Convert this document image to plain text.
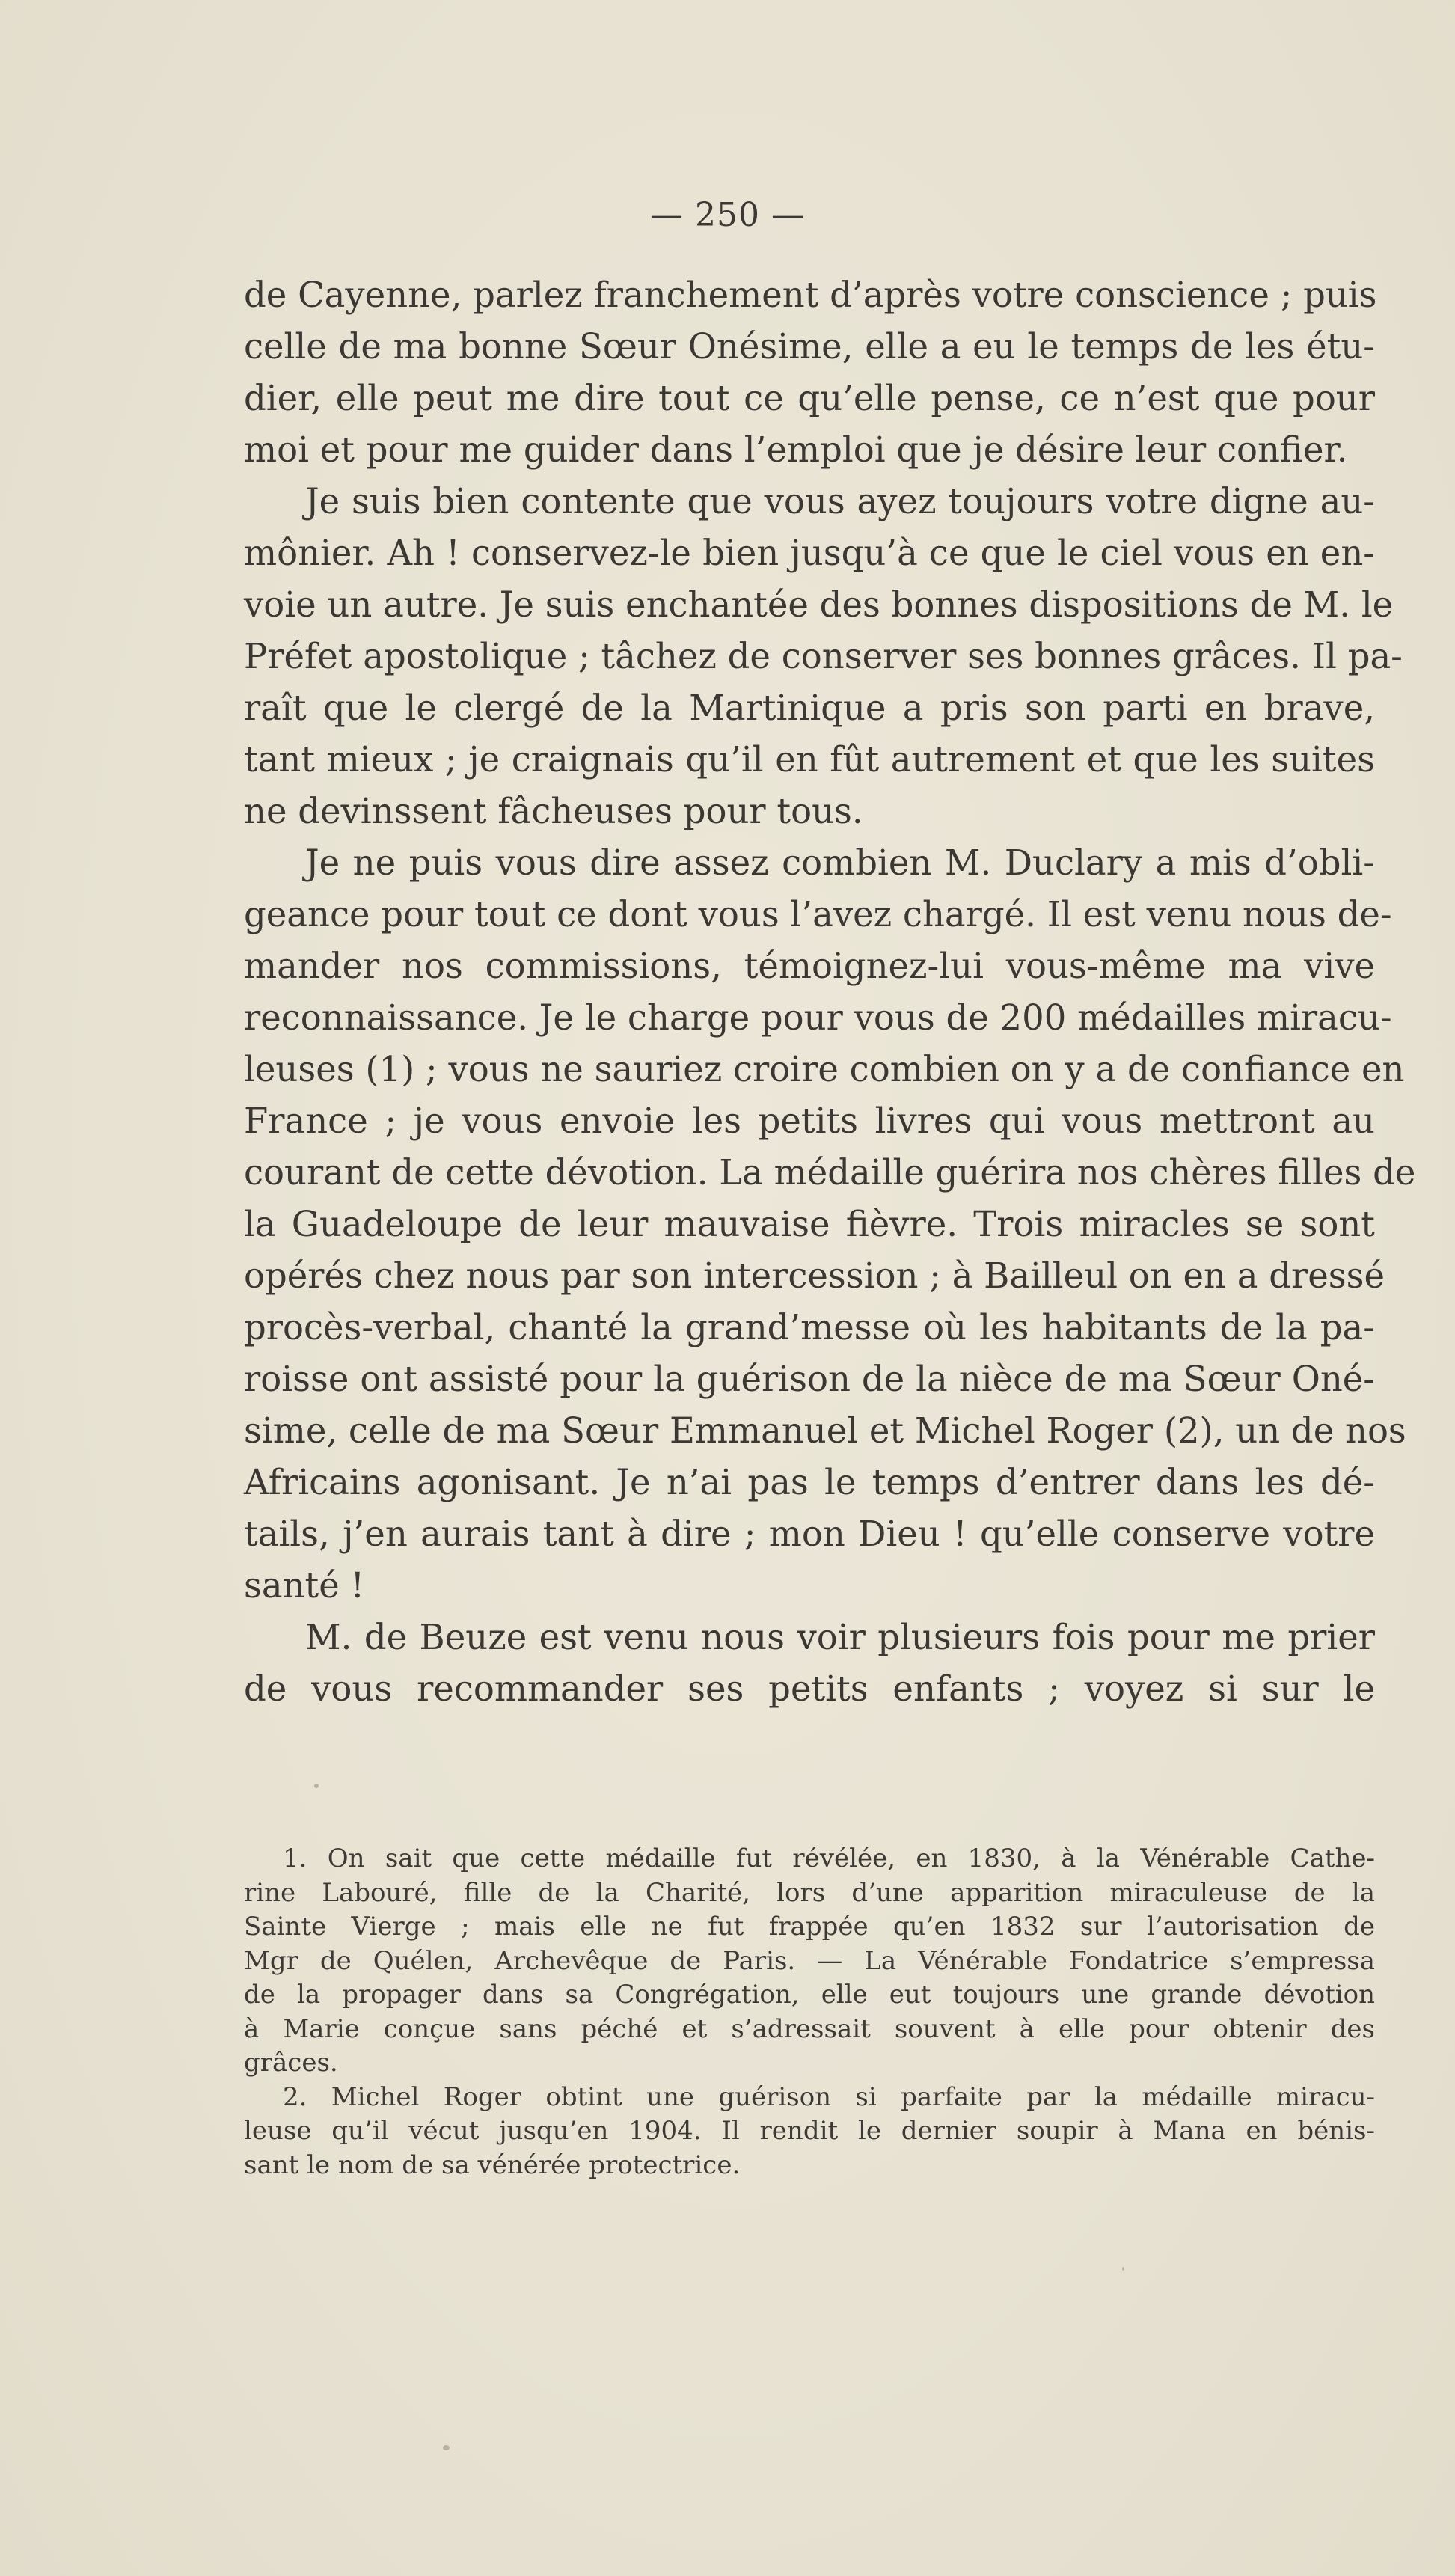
— 250 —
de Cayenne, parlez franchement d’après votre conscience ; puis
celle de ma bonne Sœur Onésime, elle a eu le temps de les étu-
dier, elle peut me dire tout ce qu’elle pense, ce n’est que pour
moi et pour me guider dans l’emploi que je désire leur confier.
Je suis bien contente que vous ayez toujours votre digne au-
mônier. Ah ! conservez-le bien jusqu’à ce que le ciel vous en en-
voie un autre. Je suis enchantée des bonnes dispositions de M. le
Préfet apostolique ; tâchez de conserver ses bonnes grâces. Il pa-
raît que le clergé de la Martinique a pris son parti en brave,
tant mieux ; je craignais qu’il en fût autrement et que les suites
ne devinssent fâcheuses pour tous.
Je ne puis vous dire assez combien M. Duclary a mis d’obli-
geance pour tout ce dont vous l’avez chargé. Il est venu nous de-
mander nos commissions, témoignez-lui vous-même ma vive
reconnaissance. Je le charge pour vous de 200 médailles miracu-
leuses (1) ; vous ne sauriez croire combien on y a de confiance en
France ; je vous envoie les petits livres qui vous mettront au
courant de cette dévotion. La médaille guérira nos chères filles de
la Guadeloupe de leur mauvaise fièvre. Trois miracles se sont
opérés chez nous par son intercession ; à Bailleul on en a dressé
procès-verbal, chanté la grand’messe où les habitants de la pa-
roisse ont assisté pour la guérison de la nièce de ma Sœur Oné-
sime, celle de ma Sœur Emmanuel et Michel Roger (2), un de nos
Africains agonisant. Je n’ai pas le temps d’entrer dans les dé-
tails, j’en aurais tant à dire ; mon Dieu ! qu’elle conserve votre
santé !
M. de Beuze est venu nous voir plusieurs fois pour me prier
de vous recommander ses petits enfants ; voyez si sur le
1. On sait que cette médaille fut révélée, en 1830, à la Vénérable Cathe-
rine Labouré, fille de la Charité, lors d’une apparition miraculeuse de la
Sainte Vierge ; mais elle ne fut frappée qu’en 1832 sur l’autorisation de
Mgr de Quélen, Archevêque de Paris. — La Vénérable Fondatrice s’empressa
de la propager dans sa Congrégation, elle eut toujours une grande dévotion
à Marie conçue sans péché et s’adressait souvent à elle pour obtenir des
grâces.
2. Michel Roger obtint une guérison si parfaite par la médaille miracu-
leuse qu’il vécut jusqu’en 1904. Il rendit le dernier soupir à Mana en bénis-
sant le nom de sa vénérée protectrice.
